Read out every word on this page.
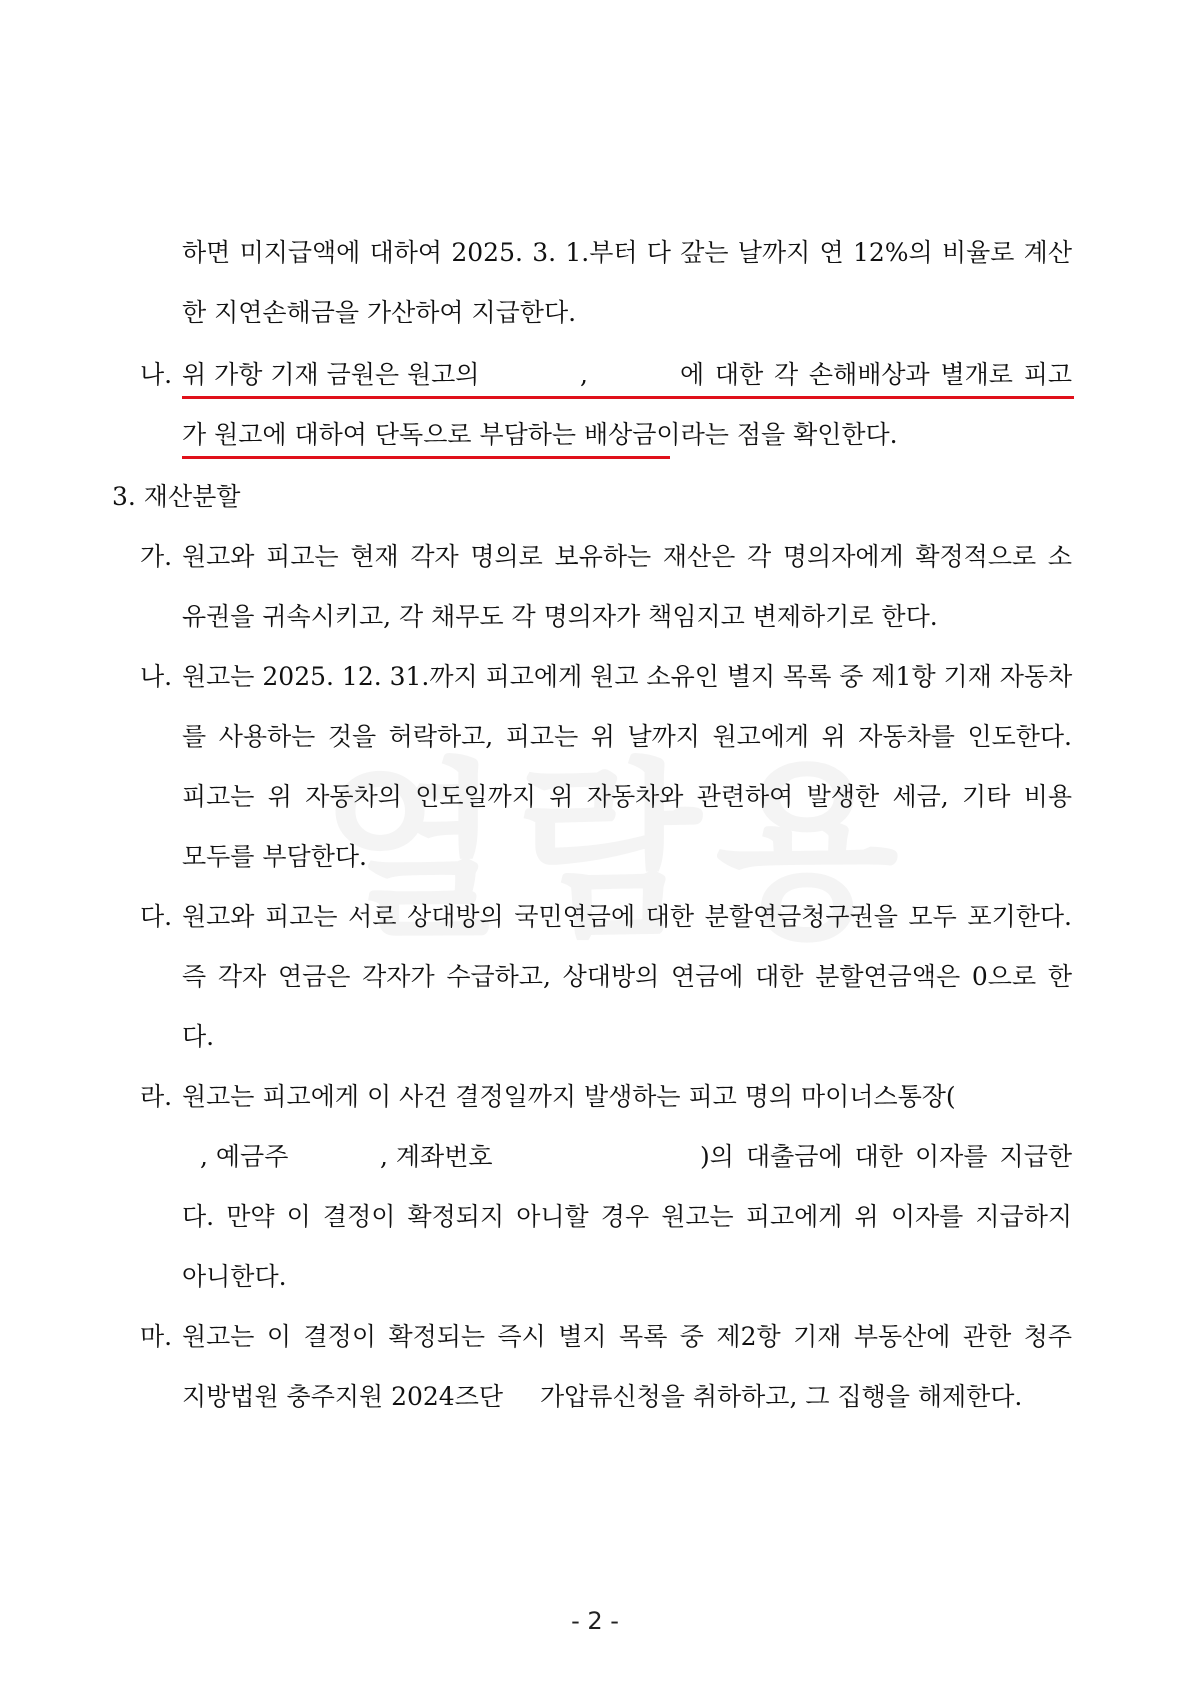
하면 미지급액에 대하여 2025. 3. 1.부터 다 갚는 날까지 연 12%의 비율로 계산
한 지연손해금을 가산하여 지급한다.
나. 위 가항 기재 금원은 원고의	,	에 대한 각 손해배상과 별개로 피고
가 원고에 대하여 단독으로 부담하는 배상금이라는 점을 확인한다.
3. 재산분할
가. 원고와 피고는 현재 각자 명의로 보유하는 재산은 각 명의자에게 확정적으로 소
유권을 귀속시키고, 각 채무도 각 명의자가 책임지고 변제하기로 한다.
나. 원고는 2025. 12. 31.까지 피고에게 원고 소유인 별지 목록 중 제1항 기재 자동차
를 사용하는 것을 허락하고, 피고는 위 날까지 원고에게 위 자동차를 인도한다.
피고는 위 자동차의 인도일까지 위 자동차와 관련하여 발생한 세금, 기타 비용
모두를 부담한다.
다. 원고와 피고는 서로 상대방의 국민연금에 대한 분할연금청구권을 모두 포기한다.
즉 각자 연금은 각자가 수급하고, 상대방의 연금에 대한 분할연금액은 0으로 한
다.
라. 원고는 피고에게 이 사건 결정일까지 발생하는 피고 명의 마이너스통장(
, 예금주	, 계좌번호	)의 대출금에 대한 이자를 지급한
다. 만약 이 결정이 확정되지 아니할 경우 원고는 피고에게 위 이자를 지급하지
아니한다.
마. 원고는 이 결정이 확정되는 즉시 별지 목록 중 제2항 기재 부동산에 관한 청주
지방법원 충주지원 2024즈단 가압류신청을 취하하고, 그 집행을 해제한다.
- 2 -
